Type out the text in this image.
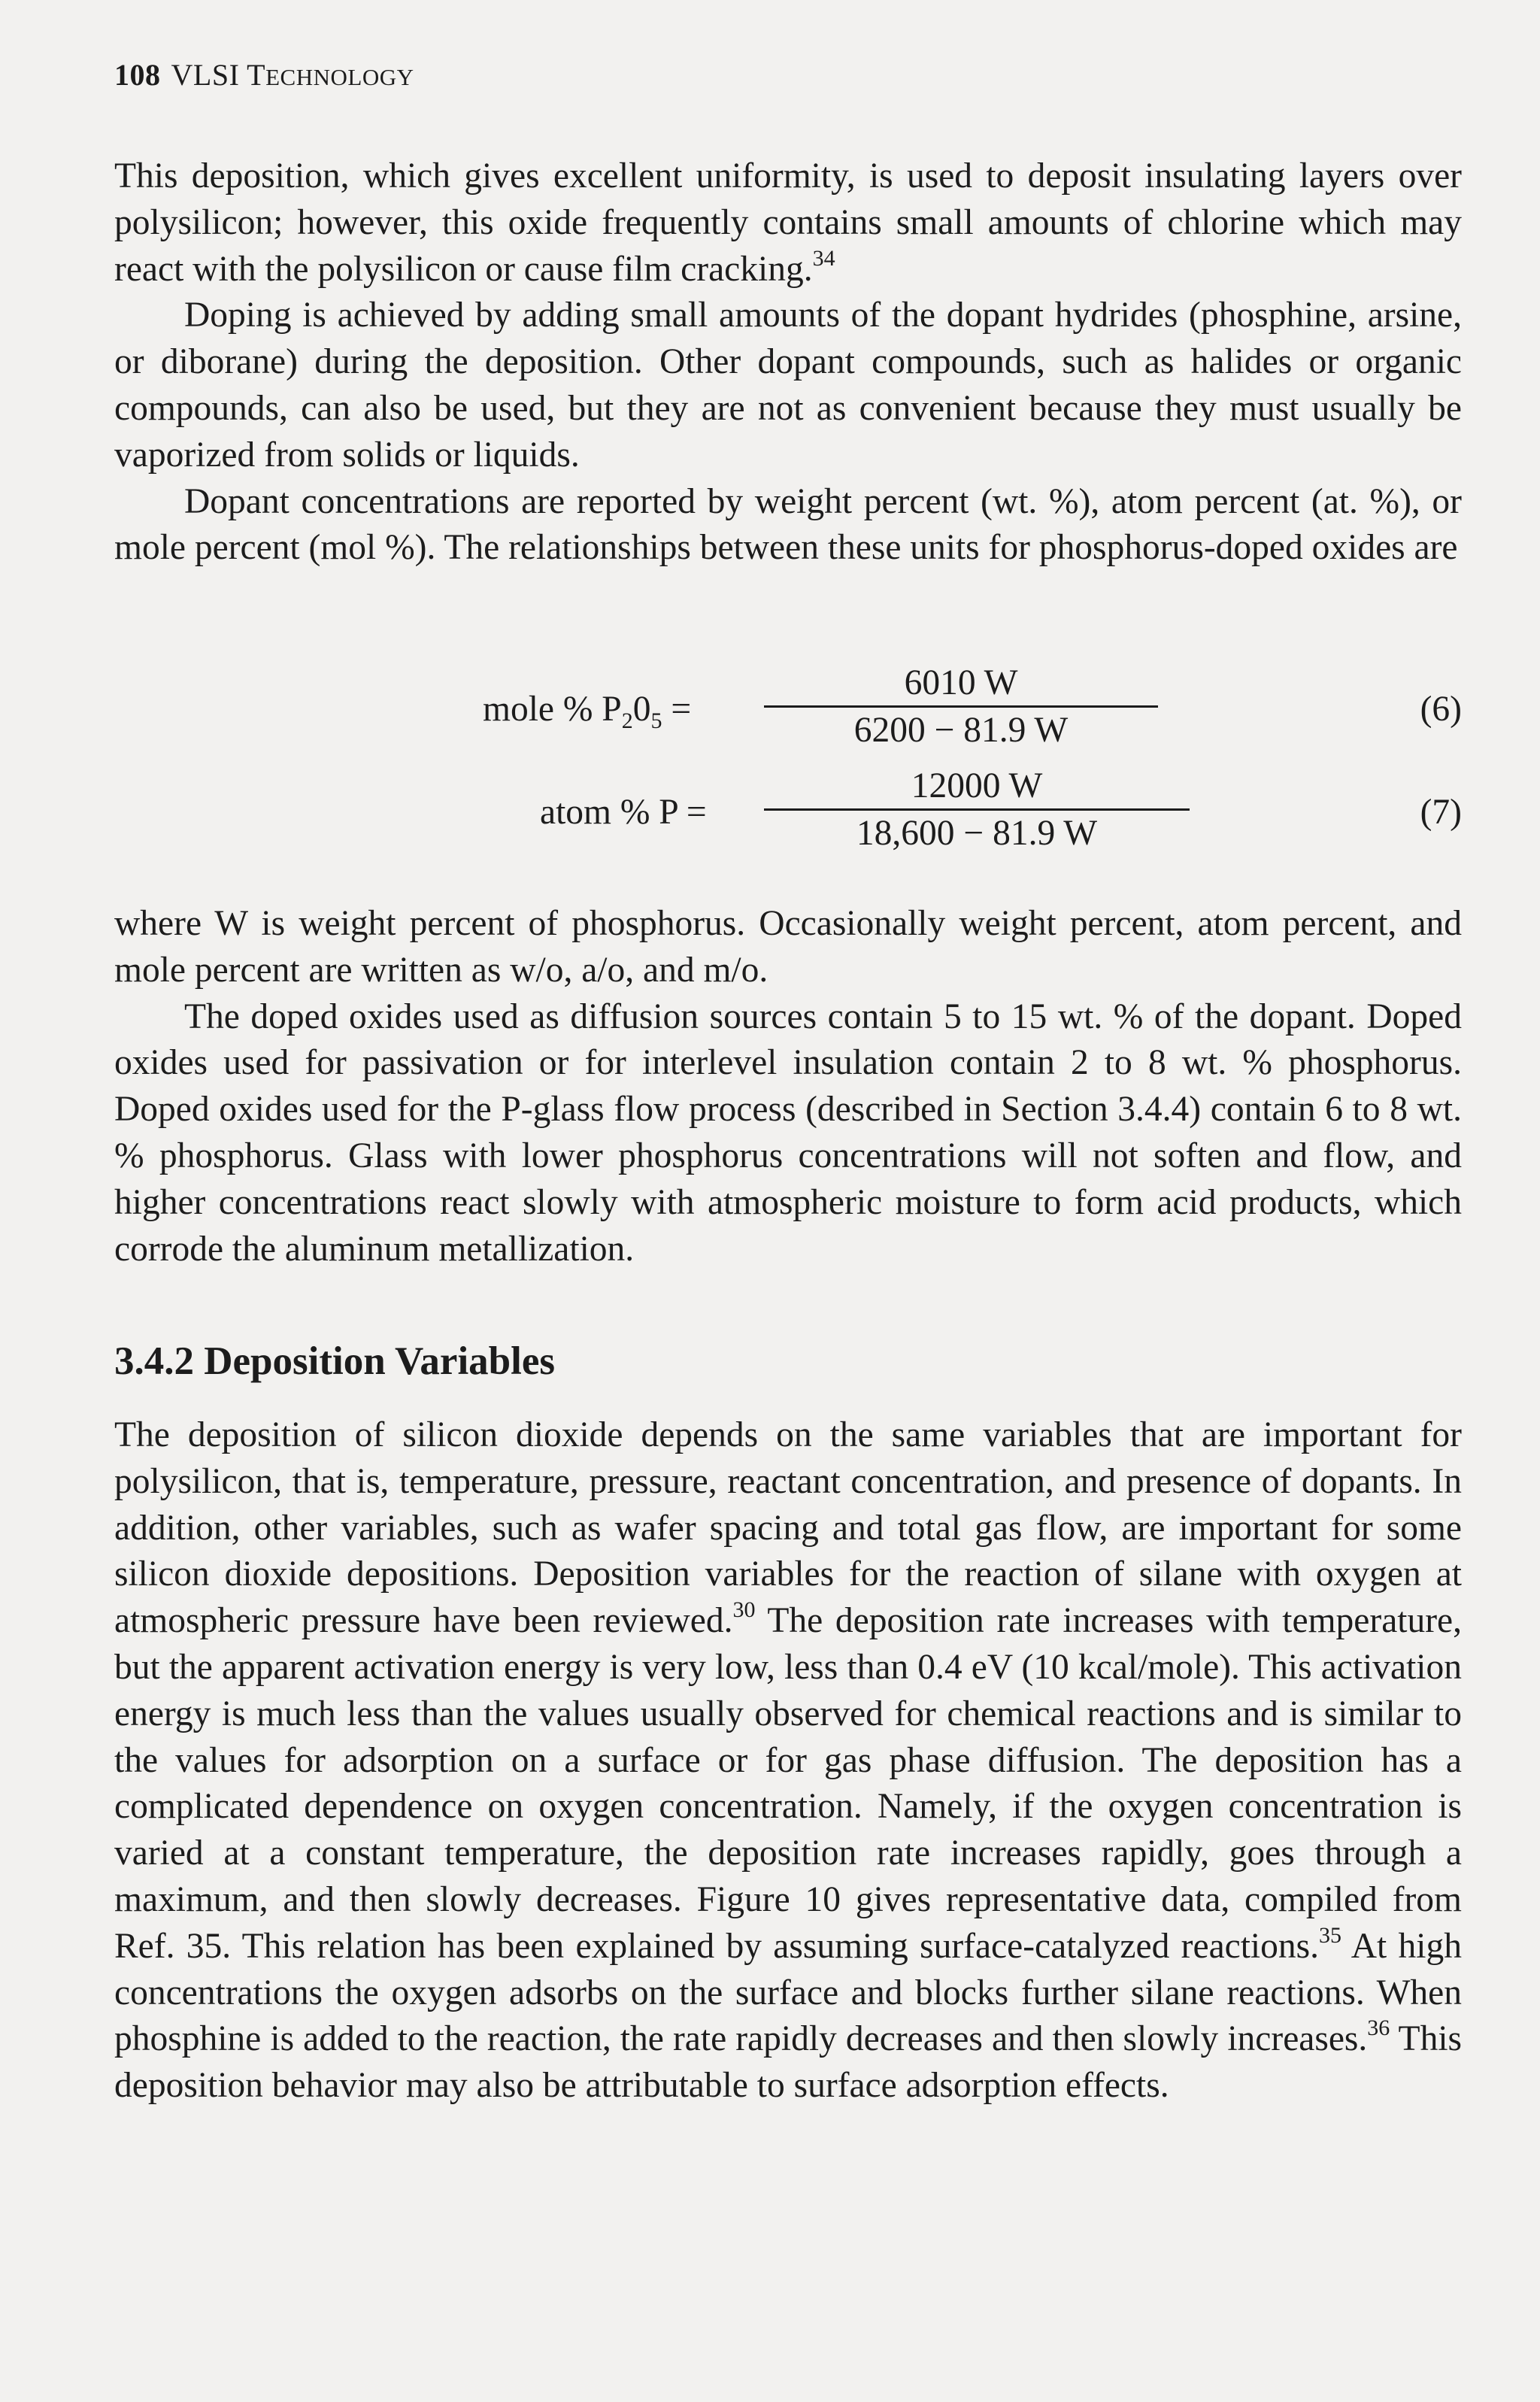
108 VLSI TECHNOLOGY

This deposition, which gives excellent uniformity, is used to deposit insulating layers over polysilicon; however, this oxide frequently contains small amounts of chlorine which may react with the polysilicon or cause film cracking.$^{34}$

Doping is achieved by adding small amounts of the dopant hydrides (phosphine, arsine, or diborane) during the deposition. Other dopant compounds, such as halides or organic compounds, can also be used, but they are not as convenient because they must usually be vaporized from solids or liquids.

Dopant concentrations are reported by weight percent (wt. %), atom percent (at. %), or mole percent (mol %). The relationships between these units for phosphorus-doped oxides are

mole % $P_20_5$ =
6010 W
6200 − 81.9 W
(6)
atom % P =
12000 W
18,600 − 81.9 W
(7)

where W is weight percent of phosphorus. Occasionally weight percent, atom percent, and mole percent are written as w/o, a/o, and m/o.

The doped oxides used as diffusion sources contain 5 to 15 wt. % of the dopant. Doped oxides used for passivation or for interlevel insulation contain 2 to 8 wt. % phosphorus. Doped oxides used for the P-glass flow process (described in Section 3.4.4) contain 6 to 8 wt. % phosphorus. Glass with lower phosphorus concentrations will not soften and flow, and higher concentrations react slowly with atmospheric moisture to form acid products, which corrode the aluminum metallization.

3.4.2 Deposition Variables

The deposition of silicon dioxide depends on the same variables that are important for polysilicon, that is, temperature, pressure, reactant concentration, and presence of dopants. In addition, other variables, such as wafer spacing and total gas flow, are important for some silicon dioxide depositions. Deposition variables for the reaction of silane with oxygen at atmospheric pressure have been reviewed.$^{30}$ The deposition rate increases with temperature, but the apparent activation energy is very low, less than 0.4 eV (10 kcal/mole). This activation energy is much less than the values usually observed for chemical reactions and is similar to the values for adsorption on a surface or for gas phase diffusion. The deposition has a complicated dependence on oxygen concentration. Namely, if the oxygen concentration is varied at a constant temperature, the deposition rate increases rapidly, goes through a maximum, and then slowly decreases. Figure 10 gives representative data, compiled from Ref. 35. This relation has been explained by assuming surface-catalyzed reactions.$^{35}$ At high concentrations the oxygen adsorbs on the surface and blocks further silane reactions. When phosphine is added to the reaction, the rate rapidly decreases and then slowly increases.$^{36}$ This deposition behavior may also be attributable to surface adsorption effects.
